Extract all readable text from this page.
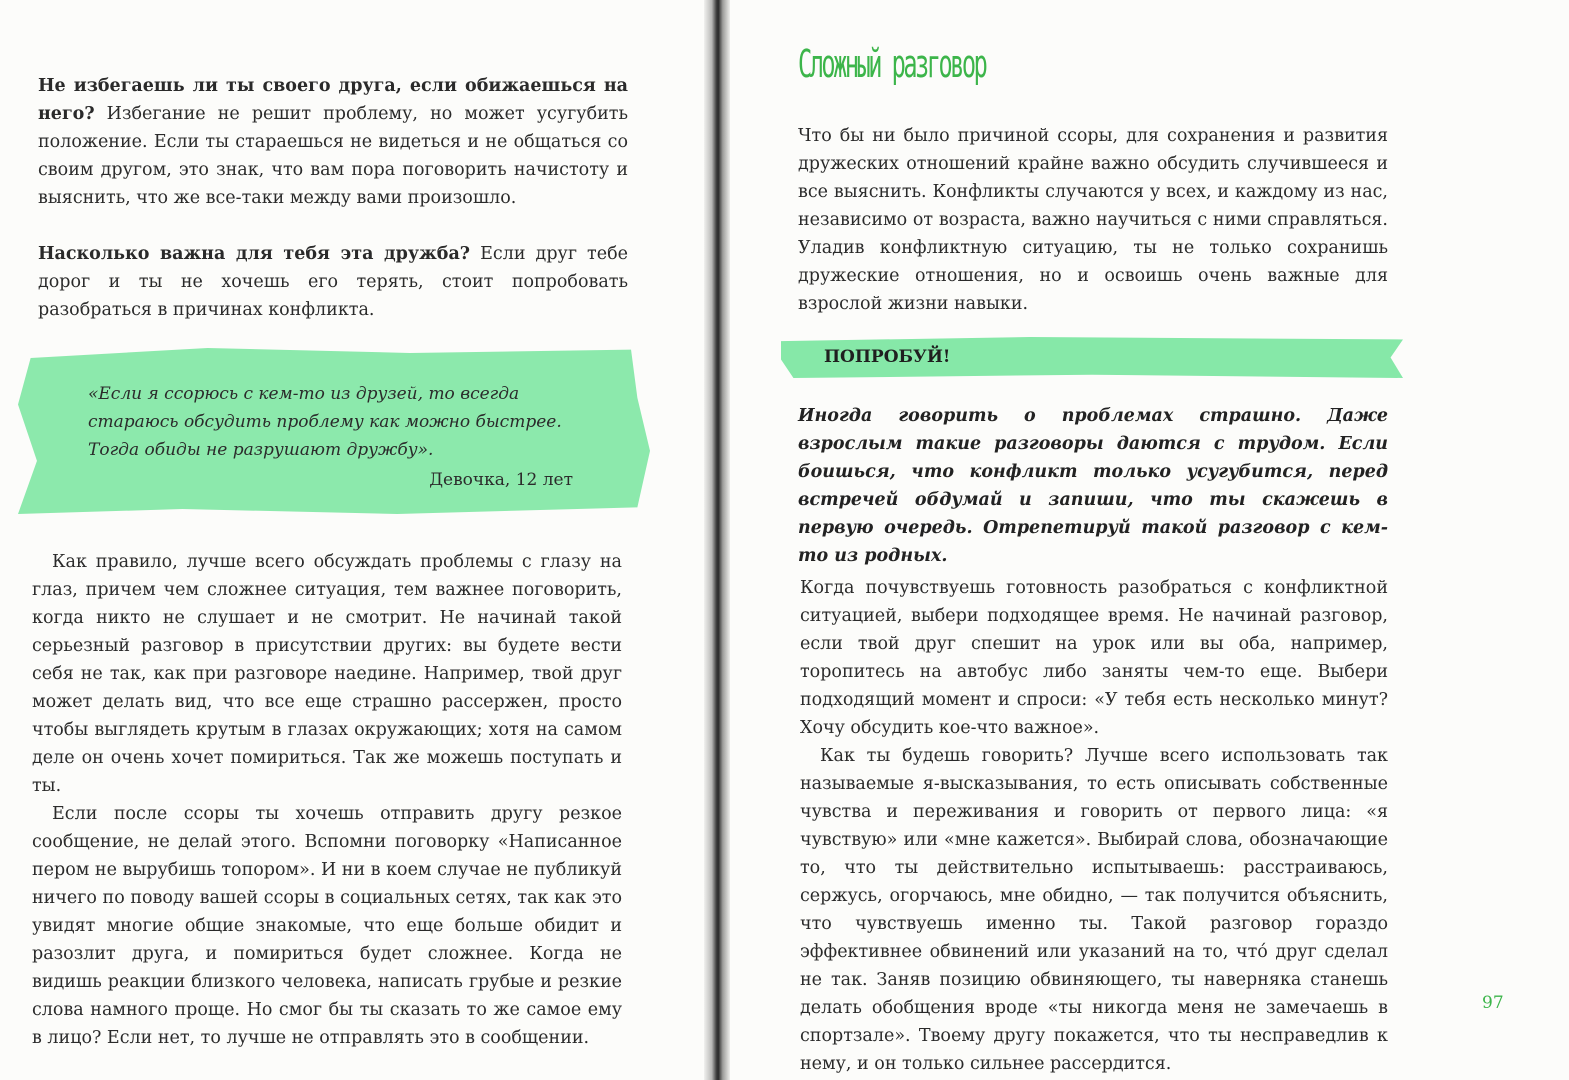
Не избегаешь ли ты своего друга, если обижаешься на него? Избегание не решит проблему, но может усугубить положение. Если ты стараешься не видеться и не общаться со своим другом, это знак, что вам пора поговорить начистоту и выяснить, что же все-таки между вами произошло.

Насколько важна для тебя эта дружба? Если друг тебе дорог и ты не хочешь его терять, стоит попробовать разобраться в причинах конфликта.

«Если я ссорюсь с кем-то из друзей, то всегда стараюсь обсудить проблему как можно быстрее. Тогда обиды не разрушают дружбу».
Девочка, 12 лет

Как правило, лучше всего обсуждать проблемы с глазу на глаз, причем чем сложнее ситуация, тем важнее поговорить, когда никто не слушает и не смотрит. Не начинай такой серьезный разговор в присутствии других: вы будете вести себя не так, как при разговоре наедине. Например, твой друг может делать вид, что все еще страшно рассержен, просто чтобы выглядеть крутым в глазах окружающих; хотя на самом деле он очень хочет помириться. Так же можешь поступать и ты.

Если после ссоры ты хочешь отправить другу резкое сообщение, не делай этого. Вспомни поговорку «Написанное пером не вырубишь топором». И ни в коем случае не публикуй ничего по поводу вашей ссоры в социальных сетях, так как это увидят многие общие знакомые, что еще больше обидит и разозлит друга, и помириться будет сложнее. Когда не видишь реакции близкого человека, написать грубые и резкие слова намного проще. Но смог бы ты сказать то же самое ему в лицо? Если нет, то лучше не отправлять это в сообщении.

Сложный разговор
Что бы ни было причиной ссоры, для сохранения и развития дружеских отношений крайне важно обсудить случившееся и все выяснить. Конфликты случаются у всех, и каждому из нас, независимо от возраста, важно научиться с ними справляться. Уладив конфликтную ситуацию, ты не только сохранишь дружеские отношения, но и освоишь очень важные для взрослой жизни навыки.
ПОПРОБУЙ!
Иногда говорить о проблемах страшно. Даже взрослым такие разговоры даются с трудом. Если боишься, что конфликт только усугубится, перед встречей обдумай и запиши, что ты скажешь в первую очередь. Отрепетируй такой разговор с кем-то из родных.

Когда почувствуешь готовность разобраться с конфликтной ситуацией, выбери подходящее время. Не начинай разговор, если твой друг спешит на урок или вы оба, например, торопитесь на автобус либо заняты чем-то еще. Выбери подходящий момент и спроси: «У тебя есть несколько минут? Хочу обсудить кое-что важное».

Как ты будешь говорить? Лучше всего использовать так называемые я-высказывания, то есть описывать собственные чувства и переживания и говорить от первого лица: «я чувствую» или «мне кажется». Выбирай слова, обозначающие то, что ты действительно испытываешь: расстраиваюсь, сержусь, огорчаюсь, мне обидно, — так получится объяснить, что чувствуешь именно ты. Такой разговор гораздо эффективнее обвинений или указаний на то, что́ друг сделал не так. Заняв позицию обвиняющего, ты наверняка станешь делать обобщения вроде «ты никогда меня не замечаешь в спортзале». Твоему другу покажется, что ты несправедлив к нему, и он только сильнее рассердится.

97
